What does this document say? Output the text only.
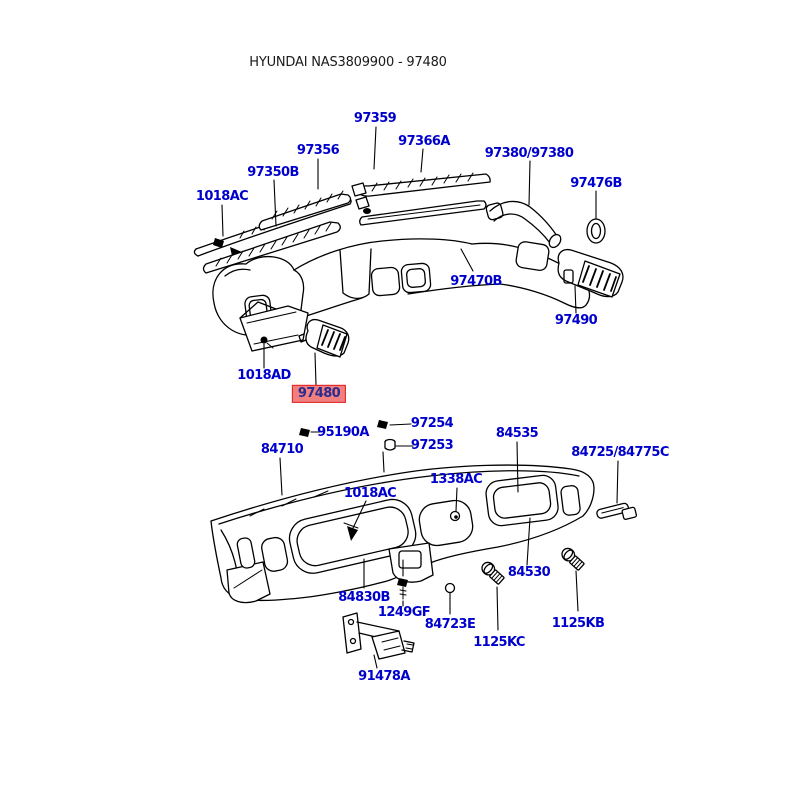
HYUNDAI NAS3809900 - 97480
97359
97356
97366A
97380/97380
97350B
97476B
1018AC
97470B
97490
1018AD
97480
95190A
97254
97253
84710
1018AC
1338AC
84535
84725/84775C
84830B
1249GF
84723E
84530
1125KC
1125KB
91478A
